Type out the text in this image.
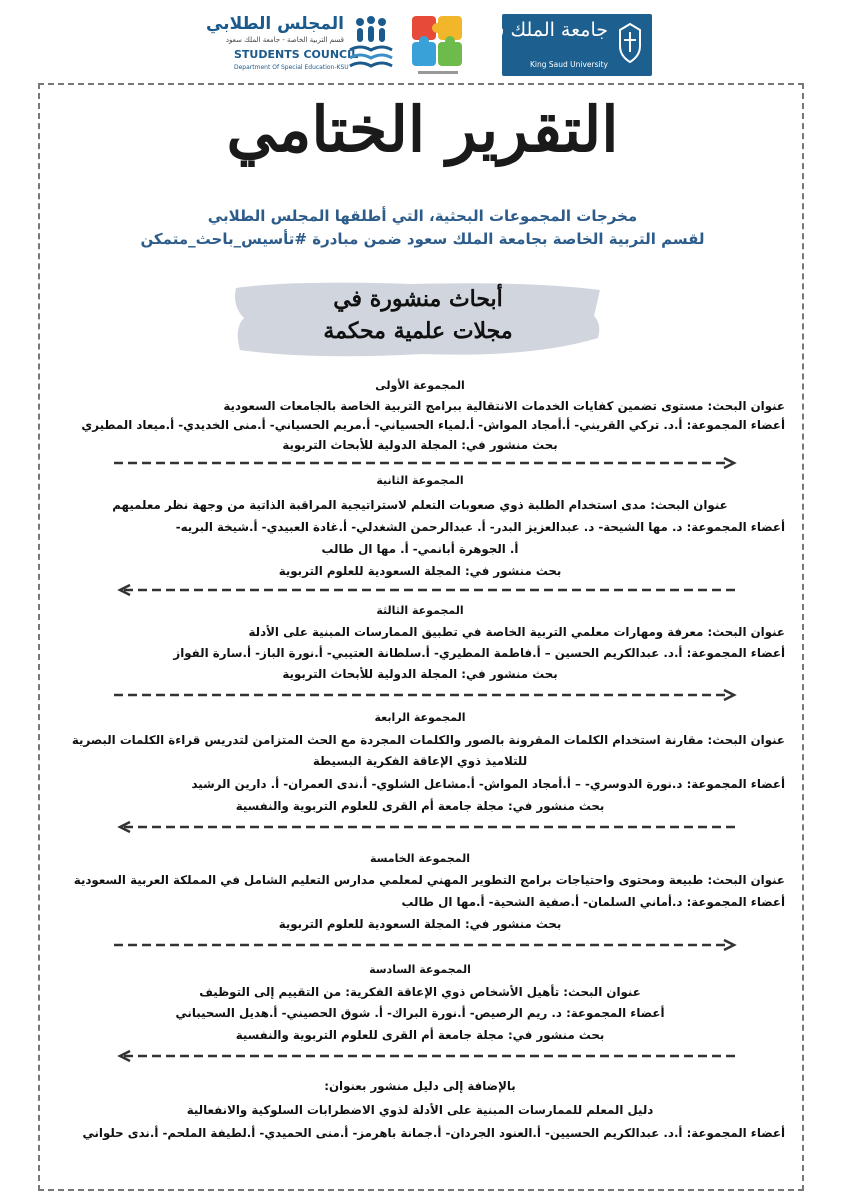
المجلس الطلابي
قسم التربية الخاصة - جامعة الملك سعود
STUDENTS COUNCIL
Department Of Special Education-KSU
جامعة الملك سعود
King Saud University
التقرير الختامي
مخرجات المجموعات البحثية، التي أطلقها المجلس الطلابي
لقسم التربية الخاصة بجامعة الملك سعود ضمن مبادرة #تأسيس_باحث_متمكن
أبحاث منشورة في
مجلات علمية محكمة
المجموعة الأولى
عنوان البحث: مستوى تضمين كفايات الخدمات الانتقالية ببرامج التربية الخاصة بالجامعات السعودية
أعضاء المجموعة: أ.د. تركي القريني- أ.أمجاد المواش- أ.لمياء الحسياني- أ.مريم الحسياني- أ.منى الخديدي- أ.ميعاد المطيري
بحث منشور في: المجلة الدولية للأبحاث التربوية
المجموعة الثانية
عنوان البحث: مدى استخدام الطلبة ذوي صعوبات التعلم لاستراتيجية المراقبة الذاتية من وجهة نظر معلميهم
أعضاء المجموعة: د. مها الشيحة- د. عبدالعزيز البدر- أ. عبدالرحمن الشغدلي- أ.غادة العبيدي- أ.شيخة البريه-
أ. الجوهرة أبانمي- أ. مها ال طالب
بحث منشور في: المجلة السعودية للعلوم التربوية
المجموعة الثالثة
عنوان البحث: معرفة ومهارات معلمي التربية الخاصة في تطبيق الممارسات المبنية على الأدلة
أعضاء المجموعة: أ.د. عبدالكريم الحسين – أ.فاطمة المطيري- أ.سلطانة العتيبي- أ.نورة الباز- أ.سارة الفواز
بحث منشور في: المجلة الدولية للأبحاث التربوية
المجموعة الرابعة
عنوان البحث: مقارنة استخدام الكلمات المقرونة بالصور والكلمات المجردة مع الحث المتزامن لتدريس قراءة الكلمات البصرية
للتلاميذ ذوي الإعاقة الفكرية البسيطة
أعضاء المجموعة: د.نورة الدوسري- – أ.أمجاد المواش- أ.مشاعل الشلوي- أ.ندى العمران- أ. دارين الرشيد
بحث منشور في: مجلة جامعة أم القرى للعلوم التربوية والنفسية
المجموعة الخامسة
عنوان البحث: طبيعة ومحتوى واحتياجات برامج التطوير المهني لمعلمي مدارس التعليم الشامل في المملكة العربية السعودية
أعضاء المجموعة: د.أماني السلمان- أ.صفية الشحية- أ.مها ال طالب
بحث منشور في: المجلة السعودية للعلوم التربوية
المجموعة السادسة
عنوان البحث: تأهيل الأشخاص ذوي الإعاقة الفكرية: من التقييم إلى التوظيف
أعضاء المجموعة: د. ريم الرصيص- أ.نورة البراك- أ. شوق الحصيني- أ.هديل السحيباني
بحث منشور في: مجلة جامعة أم القرى للعلوم التربوية والنفسية
بالإضافة إلى دليل منشور بعنوان:
دليل المعلم للممارسات المبنية على الأدلة لذوي الاضطرابات السلوكية والانفعالية
أعضاء المجموعة: أ.د. عبدالكريم الحسيين- أ.العنود الجردان- أ.جمانة باهرمز- أ.منى الحميدي- أ.لطيفة الملحم- أ.ندى حلواني
